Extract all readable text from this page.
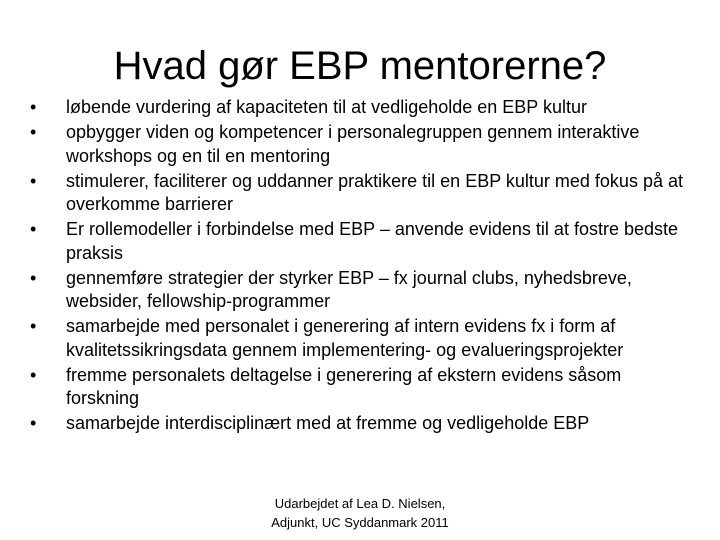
Hvad gør EBP mentorerne?
•	løbende vurdering af kapaciteten til at vedligeholde en EBP kultur
•	opbygger viden og kompetencer i personalegruppen gennem interaktive workshops og en til en mentoring
•	stimulerer, faciliterer og uddanner praktikere til en EBP kultur med fokus på at overkomme barrierer
•	Er rollemodeller i forbindelse med EBP – anvende evidens til at fostre bedste praksis
•	gennemføre strategier der styrker EBP – fx journal clubs, nyhedsbreve, websider, fellowship-programmer
•	samarbejde med personalet i generering af intern evidens fx i form af kvalitetssikringsdata gennem implementering- og evalueringsprojekter
•	fremme personalets deltagelse i generering af ekstern evidens såsom forskning
•	samarbejde interdisciplinært med at fremme og vedligeholde EBP
Udarbejdet af Lea D. Nielsen,
Adjunkt, UC Syddanmark 2011
